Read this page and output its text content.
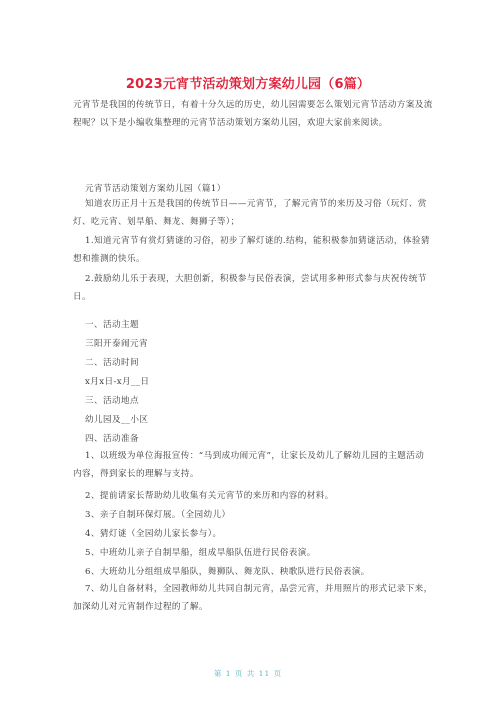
2023元宵节活动策划方案幼儿园（6篇）
元宵节是我国的传统节日，有着十分久远的历史，幼儿园需要怎么策划元宵节活动方案及流程呢？以下是小编收集整理的元宵节活动策划方案幼儿园，欢迎大家前来阅读。
元宵节活动策划方案幼儿园（篇1）
知道农历正月十五是我国的传统节日——元宵节，了解元宵节的来历及习俗（玩灯、赏灯、吃元宵、划旱船、舞龙、舞狮子等）；
1.知道元宵节有赏灯猜谜的习俗，初步了解灯谜的.结构，能积极参加猜谜活动，体验猜想和推测的快乐。
2.鼓励幼儿乐于表现，大胆创新，积极参与民俗表演，尝试用多种形式参与庆祝传统节日。
一、活动主题
三阳开泰闹元宵
二、活动时间
x月x日-x月__日
三、活动地点
幼儿园及__小区
四、活动准备
1、以班级为单位海报宣传：“马到成功闹元宵”，让家长及幼儿了解幼儿园的主题活动内容，得到家长的理解与支持。
2、提前请家长帮助幼儿收集有关元宵节的来历和内容的材料。
3、亲子自制环保灯展。（全园幼儿）
4、猜灯谜（全园幼儿家长参与）。
5、中班幼儿亲子自制旱船，组成旱船队伍进行民俗表演。
6、大班幼儿分组组成旱船队，舞狮队、舞龙队、秧歌队进行民俗表演。
7、幼儿自备材料，全园教师幼儿共同自制元宵，品尝元宵，并用照片的形式记录下来，加深幼儿对元宵制作过程的了解。
第 1 页 共 11 页
